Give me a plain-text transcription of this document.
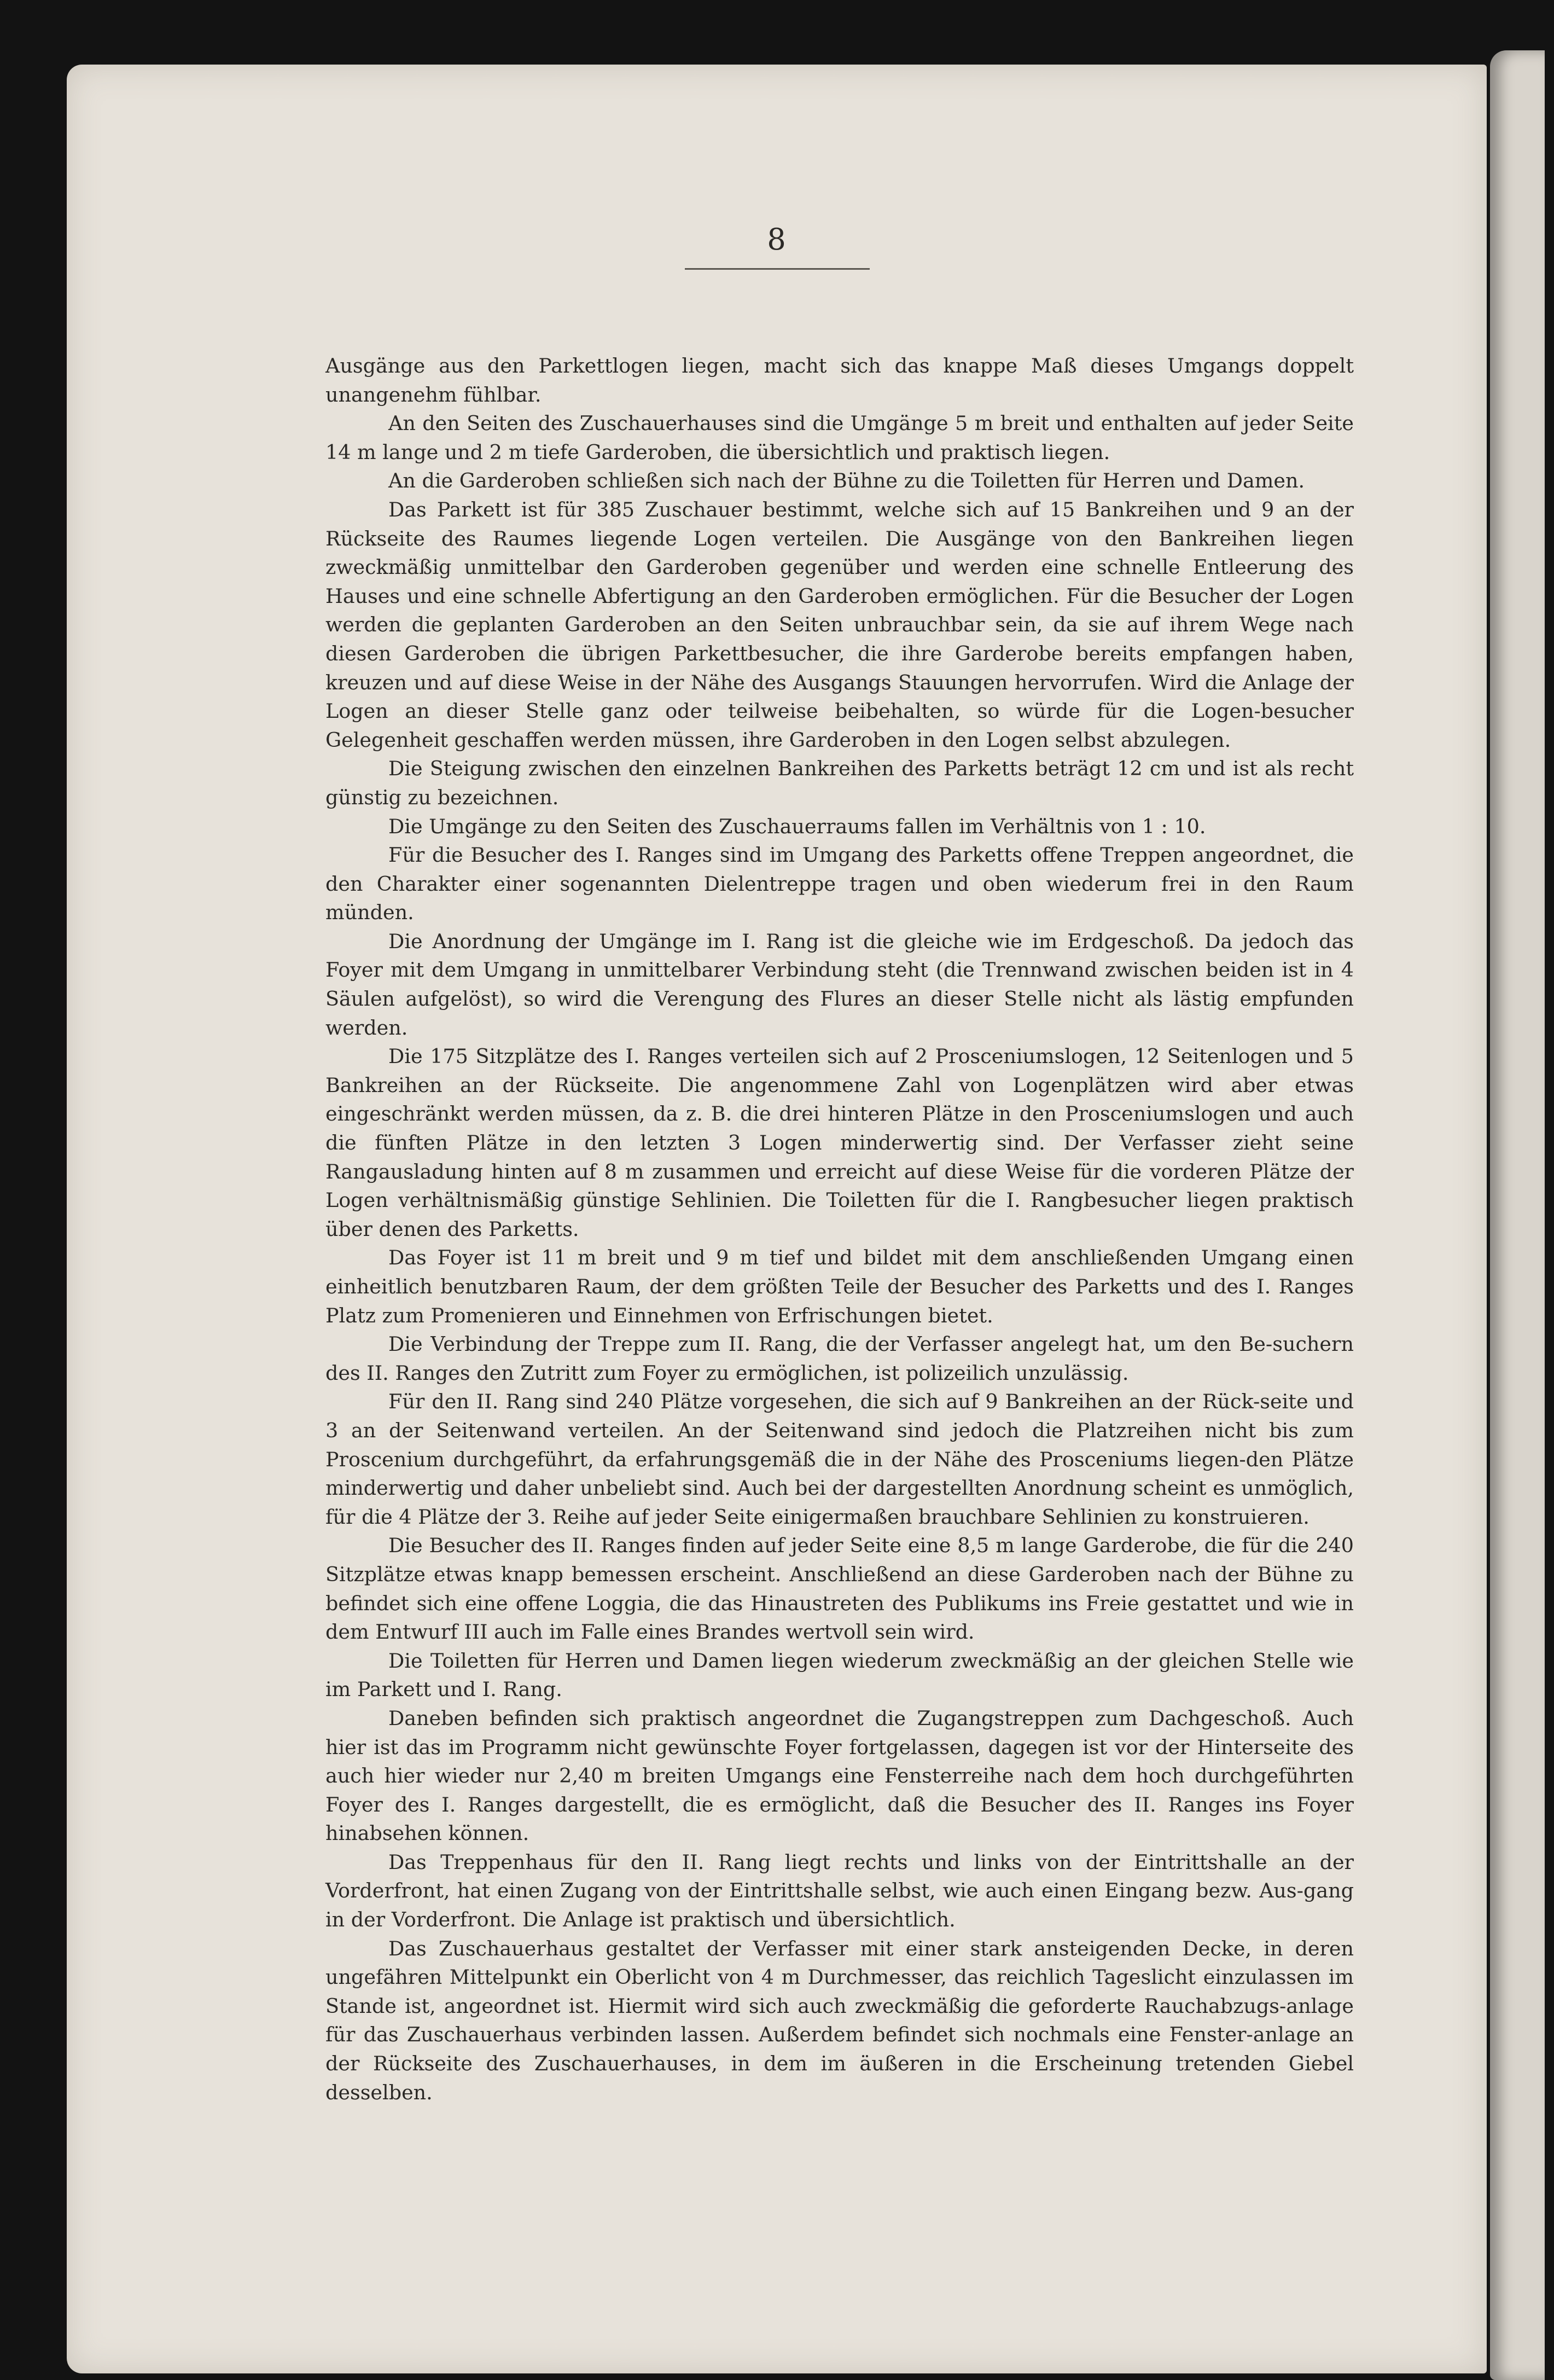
8

Ausgänge aus den Parkettlogen liegen, macht sich das knappe Maß dieses Umgangs doppelt unangenehm fühlbar.

An den Seiten des Zuschauerhauses sind die Umgänge 5 m breit und enthalten auf jeder Seite 14 m lange und 2 m tiefe Garderoben, die übersichtlich und praktisch liegen.

An die Garderoben schließen sich nach der Bühne zu die Toiletten für Herren und Damen.

Das Parkett ist für 385 Zuschauer bestimmt, welche sich auf 15 Bankreihen und 9 an der Rückseite des Raumes liegende Logen verteilen. Die Ausgänge von den Bankreihen liegen zweckmäßig unmittelbar den Garderoben gegenüber und werden eine schnelle Entleerung des Hauses und eine schnelle Abfertigung an den Garderoben ermöglichen. Für die Besucher der Logen werden die geplanten Garderoben an den Seiten unbrauchbar sein, da sie auf ihrem Wege nach diesen Garderoben die übrigen Parkettbesucher, die ihre Garderobe bereits empfangen haben, kreuzen und auf diese Weise in der Nähe des Ausgangs Stauungen hervorrufen. Wird die Anlage der Logen an dieser Stelle ganz oder teilweise beibehalten, so würde für die Logen-besucher Gelegenheit geschaffen werden müssen, ihre Garderoben in den Logen selbst abzulegen.

Die Steigung zwischen den einzelnen Bankreihen des Parketts beträgt 12 cm und ist als recht günstig zu bezeichnen.

Die Umgänge zu den Seiten des Zuschauerraums fallen im Verhältnis von 1 : 10.

Für die Besucher des I. Ranges sind im Umgang des Parketts offene Treppen angeordnet, die den Charakter einer sogenannten Dielentreppe tragen und oben wiederum frei in den Raum münden.

Die Anordnung der Umgänge im I. Rang ist die gleiche wie im Erdgeschoß. Da jedoch das Foyer mit dem Umgang in unmittelbarer Verbindung steht (die Trennwand zwischen beiden ist in 4 Säulen aufgelöst), so wird die Verengung des Flures an dieser Stelle nicht als lästig empfunden werden.

Die 175 Sitzplätze des I. Ranges verteilen sich auf 2 Prosceniumslogen, 12 Seitenlogen und 5 Bankreihen an der Rückseite. Die angenommene Zahl von Logenplätzen wird aber etwas eingeschränkt werden müssen, da z. B. die drei hinteren Plätze in den Prosceniumslogen und auch die fünften Plätze in den letzten 3 Logen minderwertig sind. Der Verfasser zieht seine Rangausladung hinten auf 8 m zusammen und erreicht auf diese Weise für die vorderen Plätze der Logen verhältnismäßig günstige Sehlinien. Die Toiletten für die I. Rangbesucher liegen praktisch über denen des Parketts.

Das Foyer ist 11 m breit und 9 m tief und bildet mit dem anschließenden Umgang einen einheitlich benutzbaren Raum, der dem größten Teile der Besucher des Parketts und des I. Ranges Platz zum Promenieren und Einnehmen von Erfrischungen bietet.

Die Verbindung der Treppe zum II. Rang, die der Verfasser angelegt hat, um den Be-suchern des II. Ranges den Zutritt zum Foyer zu ermöglichen, ist polizeilich unzulässig.

Für den II. Rang sind 240 Plätze vorgesehen, die sich auf 9 Bankreihen an der Rück-seite und 3 an der Seitenwand verteilen. An der Seitenwand sind jedoch die Platzreihen nicht bis zum Proscenium durchgeführt, da erfahrungsgemäß die in der Nähe des Prosceniums liegen-den Plätze minderwertig und daher unbeliebt sind. Auch bei der dargestellten Anordnung scheint es unmöglich, für die 4 Plätze der 3. Reihe auf jeder Seite einigermaßen brauchbare Sehlinien zu konstruieren.

Die Besucher des II. Ranges finden auf jeder Seite eine 8,5 m lange Garderobe, die für die 240 Sitzplätze etwas knapp bemessen erscheint. Anschließend an diese Garderoben nach der Bühne zu befindet sich eine offene Loggia, die das Hinaustreten des Publikums ins Freie gestattet und wie in dem Entwurf III auch im Falle eines Brandes wertvoll sein wird.

Die Toiletten für Herren und Damen liegen wiederum zweckmäßig an der gleichen Stelle wie im Parkett und I. Rang.

Daneben befinden sich praktisch angeordnet die Zugangstreppen zum Dachgeschoß. Auch hier ist das im Programm nicht gewünschte Foyer fortgelassen, dagegen ist vor der Hinterseite des auch hier wieder nur 2,40 m breiten Umgangs eine Fensterreihe nach dem hoch durchgeführten Foyer des I. Ranges dargestellt, die es ermöglicht, daß die Besucher des II. Ranges ins Foyer hinabsehen können.

Das Treppenhaus für den II. Rang liegt rechts und links von der Eintrittshalle an der Vorderfront, hat einen Zugang von der Eintrittshalle selbst, wie auch einen Eingang bezw. Aus-gang in der Vorderfront. Die Anlage ist praktisch und übersichtlich.

Das Zuschauerhaus gestaltet der Verfasser mit einer stark ansteigenden Decke, in deren ungefähren Mittelpunkt ein Oberlicht von 4 m Durchmesser, das reichlich Tageslicht einzulassen im Stande ist, angeordnet ist. Hiermit wird sich auch zweckmäßig die geforderte Rauchabzugs-anlage für das Zuschauerhaus verbinden lassen. Außerdem befindet sich nochmals eine Fenster-anlage an der Rückseite des Zuschauerhauses, in dem im äußeren in die Erscheinung tretenden Giebel desselben.
